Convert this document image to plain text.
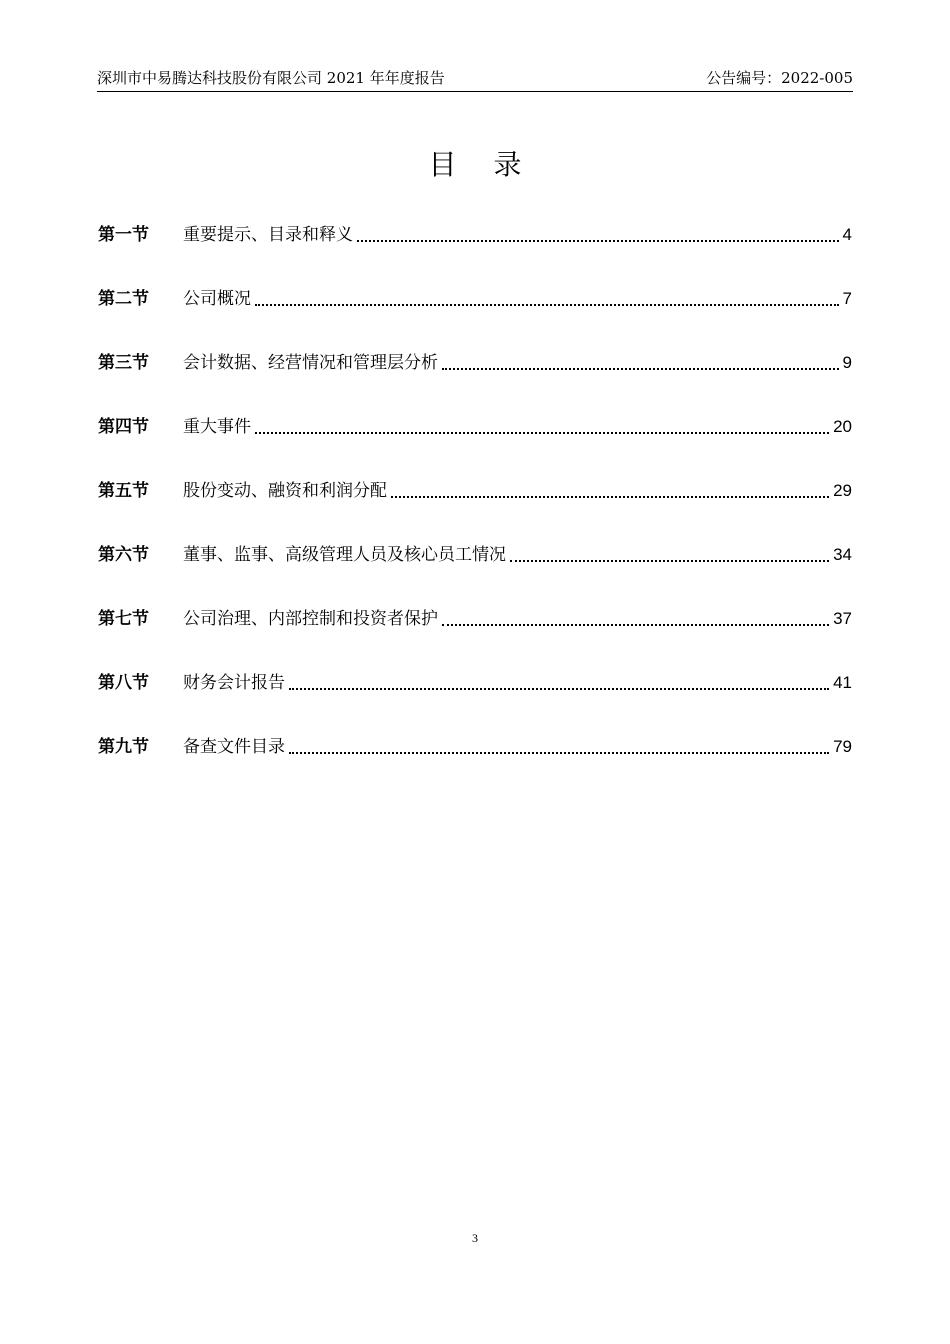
深圳市中易腾达科技股份有限公司 2021 年年度报告	公告编号：2022-005
目 录
第一节	重要提示、目录和释义	4
第二节	公司概况	7
第三节	会计数据、经营情况和管理层分析	9
第四节	重大事件	20
第五节	股份变动、融资和利润分配	29
第六节	董事、监事、高级管理人员及核心员工情况	34
第七节	公司治理、内部控制和投资者保护	37
第八节	财务会计报告	41
第九节	备查文件目录	79
3
